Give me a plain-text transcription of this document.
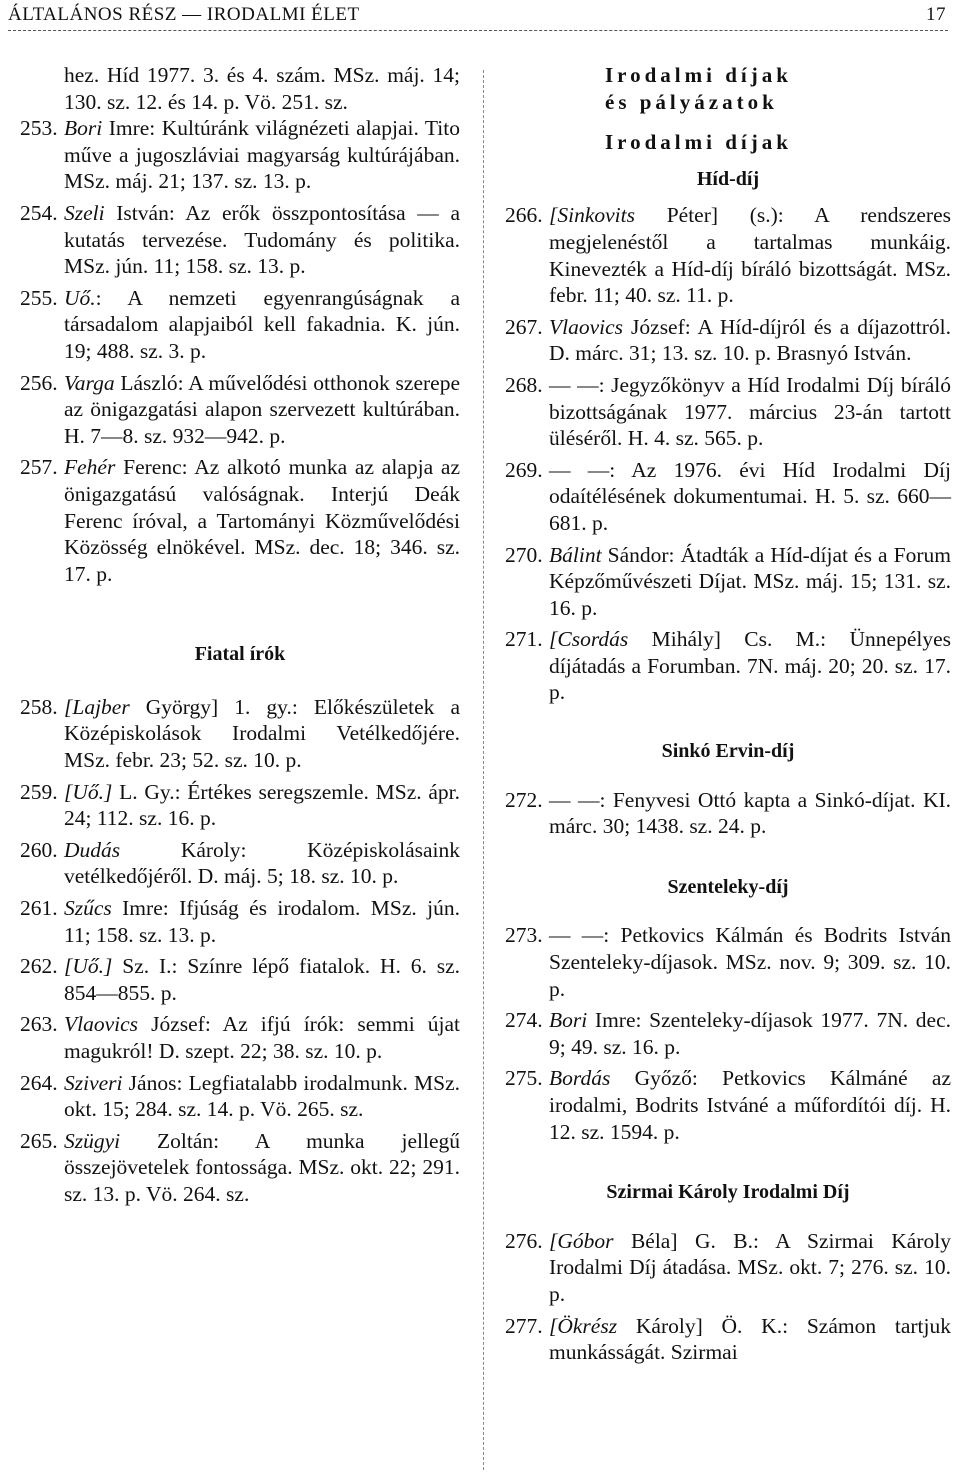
ÁLTALÁNOS RÉSZ — IRODALMI ÉLET	17
hez. Híd 1977. 3. és 4. szám. MSz. máj. 14; 130. sz. 12. és 14. p. Vö. 251. sz.
253. Bori Imre: Kultúránk világnézeti alapjai. Tito műve a jugoszláviai magyarság kultúrájában. MSz. máj. 21; 137. sz. 13. p.
254. Szeli István: Az erők összpontosítása — a kutatás tervezése. Tudomány és politika. MSz. jún. 11; 158. sz. 13. p.
255. Uő.: A nemzeti egyenrangúságnak a társadalom alapjaiból kell fakadnia. K. jún. 19; 488. sz. 3. p.
256. Varga László: A művelődési otthonok szerepe az önigazgatási alapon szervezett kultúrában. H. 7—8. sz. 932—942. p.
257. Fehér Ferenc: Az alkotó munka az alapja az önigazgatású valóságnak. Interjú Deák Ferenc íróval, a Tartományi Közművelődési Közösség elnökével. MSz. dec. 18; 346. sz. 17. p.
Fiatal írók
258. [Lajber György] 1. gy.: Előkészületek a Középiskolások Irodalmi Vetélkedőjére. MSz. febr. 23; 52. sz. 10. p.
259. [Uő.] L. Gy.: Értékes seregszemle. MSz. ápr. 24; 112. sz. 16. p.
260. Dudás Károly: Középiskolásaink vetélkedőjéről. D. máj. 5; 18. sz. 10. p.
261. Szűcs Imre: Ifjúság és irodalom. MSz. jún. 11; 158. sz. 13. p.
262. [Uő.] Sz. I.: Színre lépő fiatalok. H. 6. sz. 854—855. p.
263. Vlaovics József: Az ifjú írók: semmi újat magukról! D. szept. 22; 38. sz. 10. p.
264. Sziveri János: Legfiatalabb irodalmunk. MSz. okt. 15; 284. sz. 14. p. Vö. 265. sz.
265. Szügyi Zoltán: A munka jellegű összejövetelek fontossága. MSz. okt. 22; 291. sz. 13. p. Vö. 264. sz.
Irodalmi díjak
és pályázatok
Irodalmi díjak
Híd-díj
266. [Sinkovits Péter] (s.): A rendszeres megjelenéstől a tartalmas munkáig. Kinevezték a Híd-díj bíráló bizottságát. MSz. febr. 11; 40. sz. 11. p.
267. Vlaovics József: A Híd-díjról és a díjazottról. D. márc. 31; 13. sz. 10. p. Brasnyó István.
268. — —: Jegyzőkönyv a Híd Irodalmi Díj bíráló bizottságának 1977. március 23-án tartott üléséről. H. 4. sz. 565. p.
269. — —: Az 1976. évi Híd Irodalmi Díj odaítélésének dokumentumai. H. 5. sz. 660—681. p.
270. Bálint Sándor: Átadták a Híd-díjat és a Forum Képzőművészeti Díjat. MSz. máj. 15; 131. sz. 16. p.
271. [Csordás Mihály] Cs. M.: Ünnepélyes díjátadás a Forumban. 7N. máj. 20; 20. sz. 17. p.
Sinkó Ervin-díj
272. — —: Fenyvesi Ottó kapta a Sinkó-díjat. KI. márc. 30; 1438. sz. 24. p.
Szenteleky-díj
273. — —: Petkovics Kálmán és Bodrits István Szenteleky-díjasok. MSz. nov. 9; 309. sz. 10. p.
274. Bori Imre: Szenteleky-díjasok 1977. 7N. dec. 9; 49. sz. 16. p.
275. Bordás Győző: Petkovics Kálmáné az irodalmi, Bodrits Istváné a műfordítói díj. H. 12. sz. 1594. p.
Szirmai Károly Irodalmi Díj
276. [Góbor Béla] G. B.: A Szirmai Károly Irodalmi Díj átadása. MSz. okt. 7; 276. sz. 10. p.
277. [Ökrész Károly] Ö. K.: Számon tartjuk munkásságát. Szirmai
